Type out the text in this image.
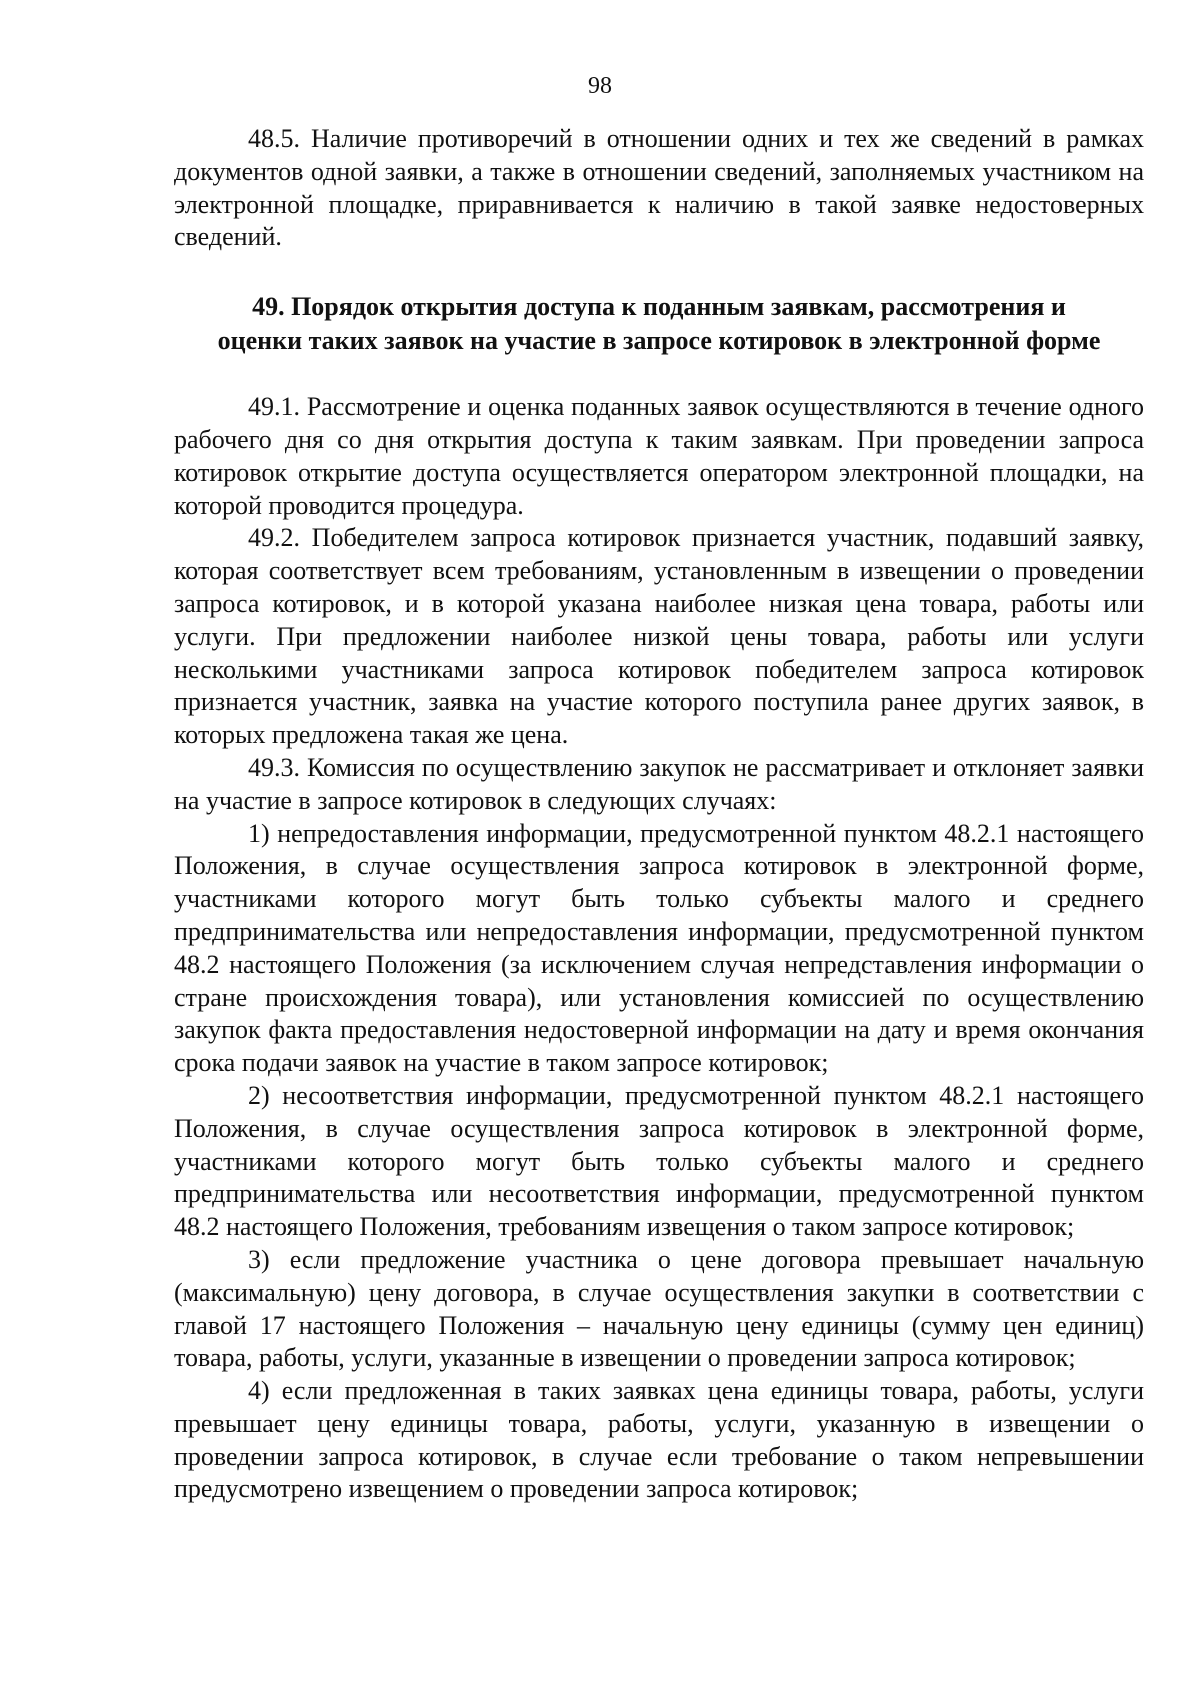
98

48.5. Наличие противоречий в отношении одних и тех же сведений в рамках документов одной заявки, а также в отношении сведений, заполняемых участником на электронной площадке, приравнивается к наличию в такой заявке недостоверных сведений.

49. Порядок открытия доступа к поданным заявкам, рассмотрения и
оценки таких заявок на участие в запросе котировок в электронной форме

49.1. Рассмотрение и оценка поданных заявок осуществляются в течение одного рабочего дня со дня открытия доступа к таким заявкам. При проведении запроса котировок открытие доступа осуществляется оператором электронной площадки, на которой проводится процедура.

49.2. Победителем запроса котировок признается участник, подавший заявку, которая соответствует всем требованиям, установленным в извещении о проведении запроса котировок, и в которой указана наиболее низкая цена товара, работы или услуги. При предложении наиболее низкой цены товара, работы или услуги несколькими участниками запроса котировок победителем запроса котировок признается участник, заявка на участие которого поступила ранее других заявок, в которых предложена такая же цена.

49.3. Комиссия по осуществлению закупок не рассматривает и отклоняет заявки на участие в запросе котировок в следующих случаях:

1) непредоставления информации, предусмотренной пунктом 48.2.1 настоящего Положения, в случае осуществления запроса котировок в электронной форме, участниками которого могут быть только субъекты малого и среднего предпринимательства или непредоставления информации, предусмотренной пунктом 48.2 настоящего Положения (за исключением случая непредставления информации о стране происхождения товара), или установления комиссией по осуществлению закупок факта предоставления недостоверной информации на дату и время окончания срока подачи заявок на участие в таком запросе котировок;

2) несоответствия информации, предусмотренной пунктом 48.2.1 настоящего Положения, в случае осуществления запроса котировок в электронной форме, участниками которого могут быть только субъекты малого и среднего предпринимательства или несоответствия информации, предусмотренной пунктом 48.2 настоящего Положения, требованиям извещения о таком запросе котировок;

3) если предложение участника о цене договора превышает начальную (максимальную) цену договора, в случае осуществления закупки в соответствии с главой 17 настоящего Положения – начальную цену единицы (сумму цен единиц) товара, работы, услуги, указанные в извещении о проведении запроса котировок;

4) если предложенная в таких заявках цена единицы товара, работы, услуги превышает цену единицы товара, работы, услуги, указанную в извещении о проведении запроса котировок, в случае если требование о таком непревышении предусмотрено извещением о проведении запроса котировок;
